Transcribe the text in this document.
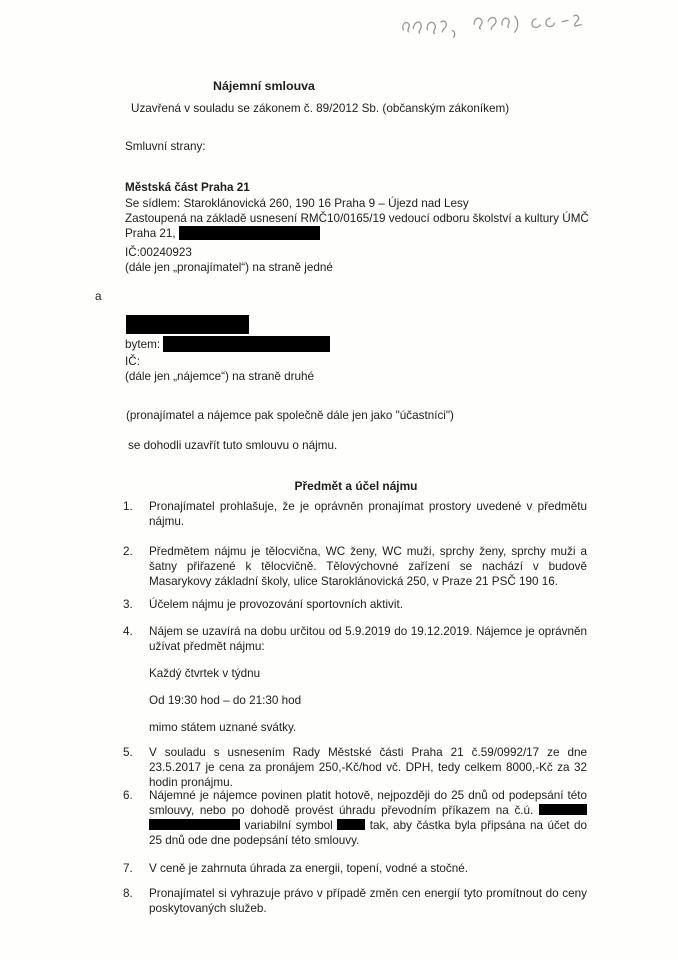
Nájemní smlouva
Uzavřená v souladu se zákonem č. 89/2012 Sb. (občanským zákoníkem)
Smluvní strany:
Městská část Praha 21
Se sídlem: Staroklánovická 260, 190 16 Praha 9 – Újezd nad Lesy
Zastoupená na základě usnesení RMČ10/0165/19 vedoucí odboru školství a kultury ÚMČ
Praha 21,
IČ:00240923
(dále jen „pronajímatel“) na straně jedné
a
bytem:
IČ:
(dále jen „nájemce“) na straně druhé
(pronajímatel a nájemce pak společně dále jen jako "účastníci")
se dohodli uzavřít tuto smlouvu o nájmu.
Předmět a účel nájmu
1.	Pronajímatel prohlašuje, že je oprávněn pronajímat prostory uvedené v předmětu nájmu.
2.	Předmětem nájmu je tělocvična, WC ženy, WC muži, sprchy ženy, sprchy muži a šatny přiřazené k tělocvičně. Tělovýchovné zařízení se nachází v budově Masarykovy základní školy, ulice Staroklánovická 250, v Praze 21 PSČ 190 16.
3.	Účelem nájmu je provozování sportovních aktivit.
4.	Nájem se uzavírá na dobu určitou od 5.9.2019 do 19.12.2019. Nájemce je oprávněn užívat předmět nájmu:
Každý čtvrtek v týdnu
Od 19:30 hod – do 21:30 hod
mimo státem uznané svátky.
5.	V souladu s usnesením Rady Městské části Praha 21 č.59/0992/17 ze dne 23.5.2017 je cena za pronájem 250,-Kč/hod vč. DPH, tedy celkem 8000,-Kč za 32 hodin pronájmu.
6.	Nájemné je nájemce povinen platit hotově, nejpozději do 25 dnů od podepsání této smlouvy, nebo po dohodě provést úhradu převodním příkazem na č.ú.   variabilní symbol	tak, aby částka byla připsána na účet do 25 dnů ode dne podepsání této smlouvy.
7.	V ceně je zahrnuta úhrada za energii, topení, vodné a stočné.
8.	Pronajímatel si vyhrazuje právo v případě změn cen energií tyto promítnout do ceny poskytovaných služeb.
